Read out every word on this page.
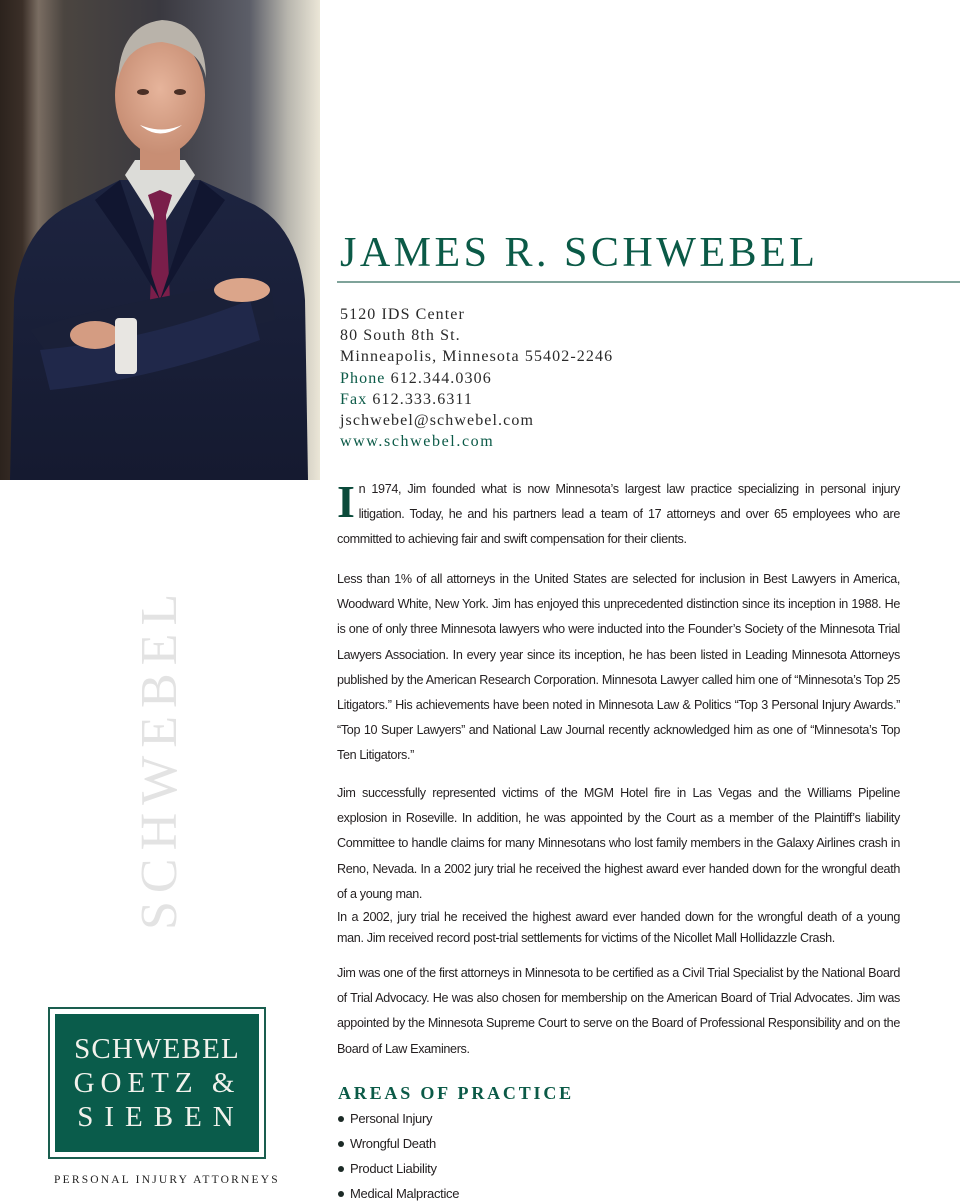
JAMES R. SCHWEBEL
5120 IDS Center
80 South 8th St.
Minneapolis, Minnesota 55402-2246
Phone 612.344.0306
Fax 612.333.6311
jschwebel@schwebel.com
www.schwebel.com
In 1974, Jim founded what is now Minnesota’s largest law practice specializing in personal injury litigation. Today, he and his partners lead a team of 17 attorneys and over 65 employees who are committed to achieving fair and swift compensation for their clients.
Less than 1% of all attorneys in the United States are selected for inclusion in Best Lawyers in America, Woodward White, New York. Jim has enjoyed this unprecedented distinction since its inception in 1988. He is one of only three Minnesota lawyers who were inducted into the Founder’s Society of the Minnesota Trial Lawyers Association. In every year since its inception, he has been listed in Leading Minnesota Attorneys published by the American Research Corporation. Minnesota Lawyer called him one of “Minnesota’s Top 25 Litigators.” His achievements have been noted in Minnesota Law & Politics “Top 3 Personal Injury Awards.” “Top 10 Super Lawyers” and National Law Journal recently acknowledged him as one of “Minnesota’s Top Ten Litigators.”
Jim successfully represented victims of the MGM Hotel fire in Las Vegas and the Williams Pipeline explosion in Roseville. In addition, he was appointed by the Court as a member of the Plaintiff’s liability Committee to handle claims for many Minnesotans who lost family members in the Galaxy Airlines crash in Reno, Nevada. In a 2002 jury trial he received the highest award ever handed down for the wrongful death of a young man.
In a 2002, jury trial he received the highest award ever handed down for the wrongful death of a young man. Jim received record post-trial settlements for victims of the Nicollet Mall Hollidazzle Crash.
Jim was one of the first attorneys in Minnesota to be certified as a Civil Trial Specialist by the National Board of Trial Advocacy. He was also chosen for membership on the American Board of Trial Advocates. Jim was appointed by the Minnesota Supreme Court to serve on the Board of Professional Responsibility and on the Board of Law Examiners.
AREAS OF PRACTICE
Personal Injury
Wrongful Death
Product Liability
Medical Malpractice
SCHWEBEL
SCHWEBEL
GOETZ &
SIEBEN
PERSONAL INJURY ATTORNEYS
